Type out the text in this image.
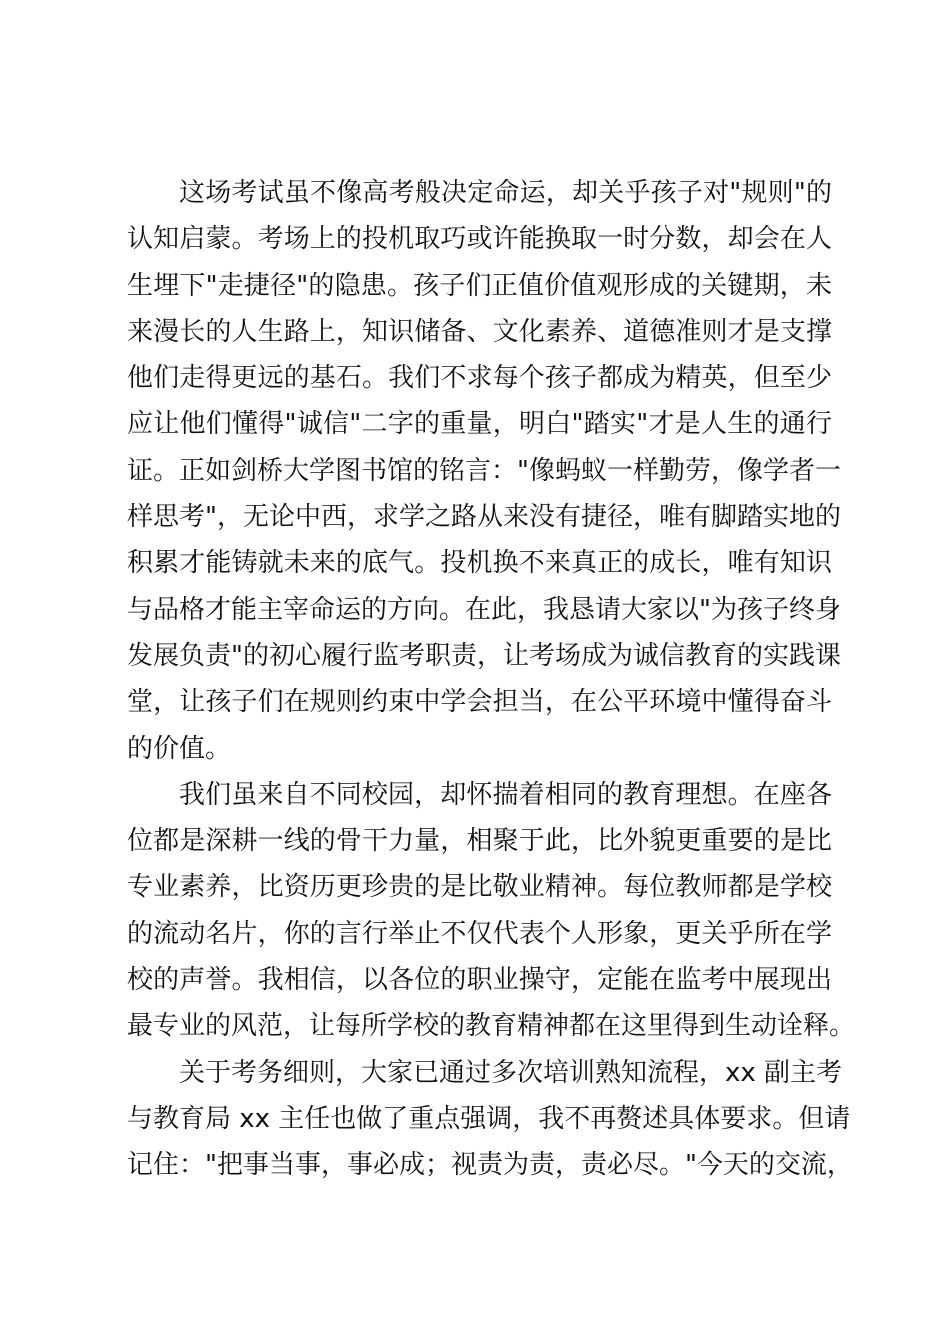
这场考试虽不像高考般决定命运，却关乎孩子对"规则"的
认知启蒙。考场上的投机取巧或许能换取一时分数，却会在人
生埋下"走捷径"的隐患。孩子们正值价值观形成的关键期，未
来漫长的人生路上，知识储备、文化素养、道德准则才是支撑
他们走得更远的基石。我们不求每个孩子都成为精英，但至少
应让他们懂得"诚信"二字的重量，明白"踏实"才是人生的通行
证。正如剑桥大学图书馆的铭言："像蚂蚁一样勤劳，像学者一
样思考"，无论中西，求学之路从来没有捷径，唯有脚踏实地的
积累才能铸就未来的底气。投机换不来真正的成长，唯有知识
与品格才能主宰命运的方向。在此，我恳请大家以"为孩子终身
发展负责"的初心履行监考职责，让考场成为诚信教育的实践课
堂，让孩子们在规则约束中学会担当，在公平环境中懂得奋斗
的价值。
我们虽来自不同校园，却怀揣着相同的教育理想。在座各
位都是深耕一线的骨干力量，相聚于此，比外貌更重要的是比
专业素养，比资历更珍贵的是比敬业精神。每位教师都是学校
的流动名片，你的言行举止不仅代表个人形象，更关乎所在学
校的声誉。我相信，以各位的职业操守，定能在监考中展现出
最专业的风范，让每所学校的教育精神都在这里得到生动诠释。
关于考务细则，大家已通过多次培训熟知流程，xx 副主考
与教育局 xx 主任也做了重点强调，我不再赘述具体要求。但请
记住："把事当事，事必成；视责为责，责必尽。"今天的交流，
